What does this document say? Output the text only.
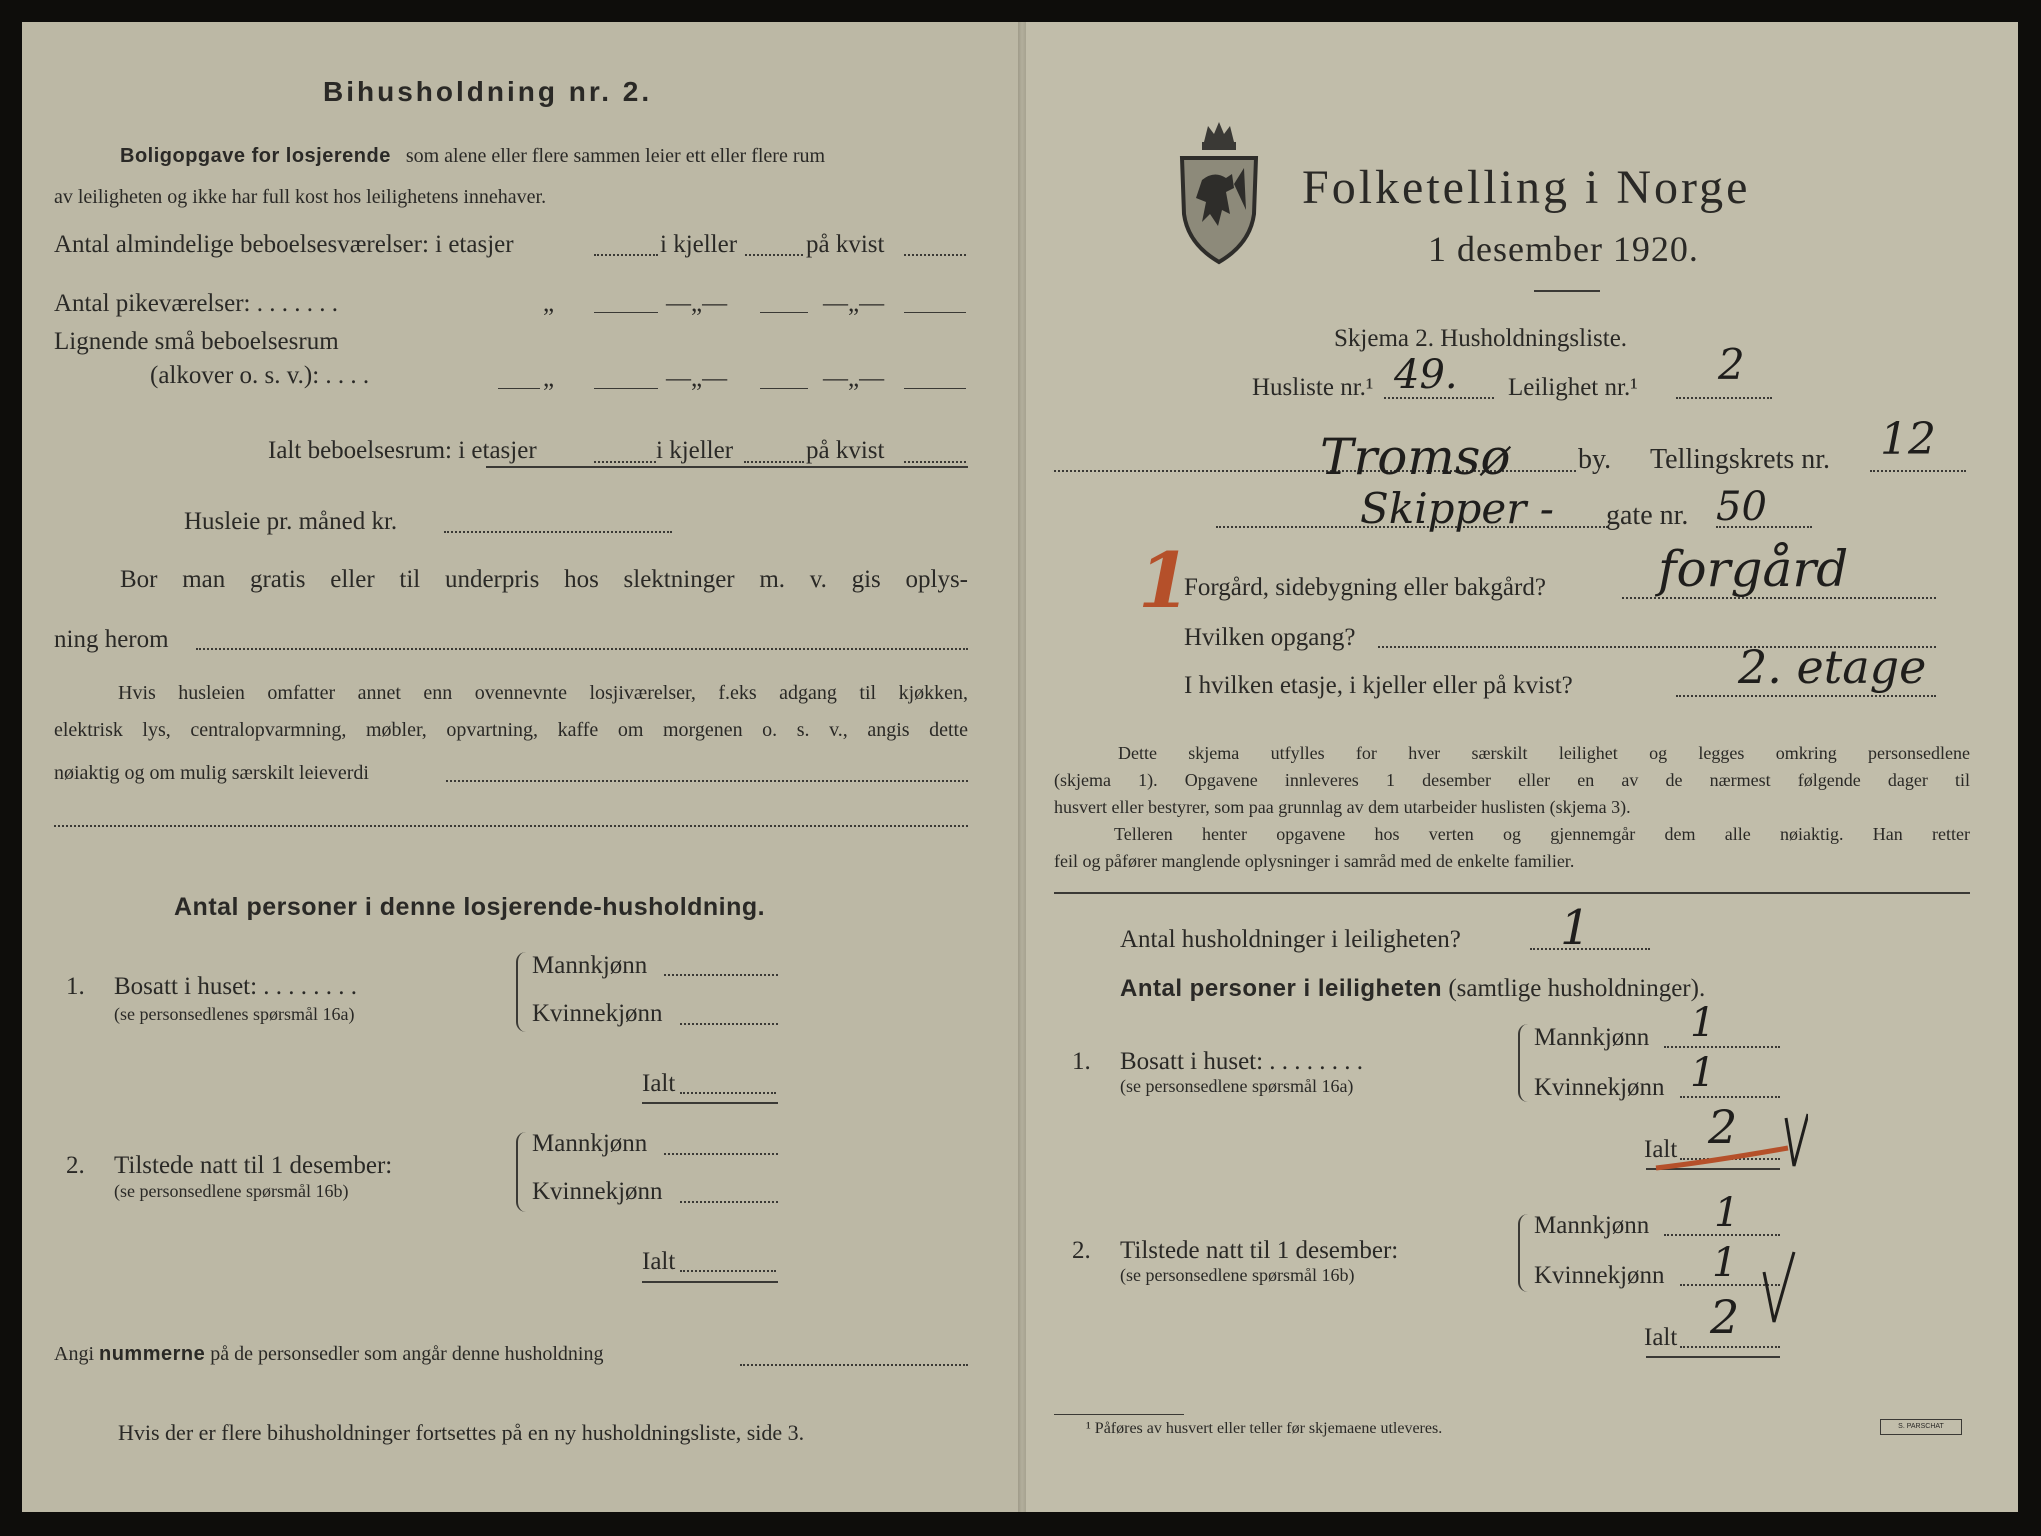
Bihusholdning nr. 2.
Boligopgave for losjerende som alene eller flere sammen leier ett eller flere rum
av leiligheten og ikke har full kost hos leilighetens innehaver.
Antal almindelige beboelsesværelser: i etasjer	i kjeller	på kvist
Antal pikeværelser: . . . . . . .	„	—„—	—„—
Lignende små beboelsesrum
(alkover o. s. v.): . . . .	„	—„—	—„—
Ialt beboelsesrum: i etasjer	i kjeller	på kvist
Husleie pr. måned kr.
Bor man gratis eller til underpris hos slektninger m. v. gis oplys-
ning herom
Hvis husleien omfatter annet enn ovennevnte losjiværelser, f.eks adgang til kjøkken,
elektrisk lys, centralopvarmning, møbler, opvartning, kaffe om morgenen o. s. v., angis dette
nøiaktig og om mulig særskilt leieverdi
Antal personer i denne losjerende-husholdning.
1. Bosatt i huset: . . . . . . . .
(se personsedlenes spørsmål 16a)
Mannkjønn
Kvinnekjønn
Ialt
2. Tilstede natt til 1 desember:
(se personsedlene spørsmål 16b)
Mannkjønn
Kvinnekjønn
Ialt
Angi nummerne på de personsedler som angår denne husholdning
Hvis der er flere bihusholdninger fortsettes på en ny husholdningsliste, side 3.
Folketelling i Norge
1 desember 1920.
Skjema 2. Husholdningsliste.
Husliste nr.¹ 49. Leilighet nr.¹ 2
Tromsø by. Tellingskrets nr. 12
Skipper - gate nr. 50
1
Forgård, sidebygning eller bakgård? forgård
Hvilken opgang?
I hvilken etasje, i kjeller eller på kvist?	2. etage
Dette skjema utfylles for hver særskilt leilighet og legges omkring personsedlene
(skjema 1). Opgavene innleveres 1 desember eller en av de nærmest følgende dager til
husvert eller bestyrer, som paa grunnlag av dem utarbeider huslisten (skjema 3).
Telleren henter opgavene hos verten og gjennemgår dem alle nøiaktig. Han retter
feil og påfører manglende oplysninger i samråd med de enkelte familier.
Antal husholdninger i leiligheten? 1
Antal personer i leiligheten (samtlige husholdninger).
1. Bosatt i huset: . . . . . . . .
(se personsedlene spørsmål 16a)
Mannkjønn 1
Kvinnekjønn 1
Ialt 2
2. Tilstede natt til 1 desember:
(se personsedlene spørsmål 16b)
Mannkjønn 1
Kvinnekjønn 1
Ialt 2
¹ Påføres av husvert eller teller før skjemaene utleveres.	S. PARSCHAT
